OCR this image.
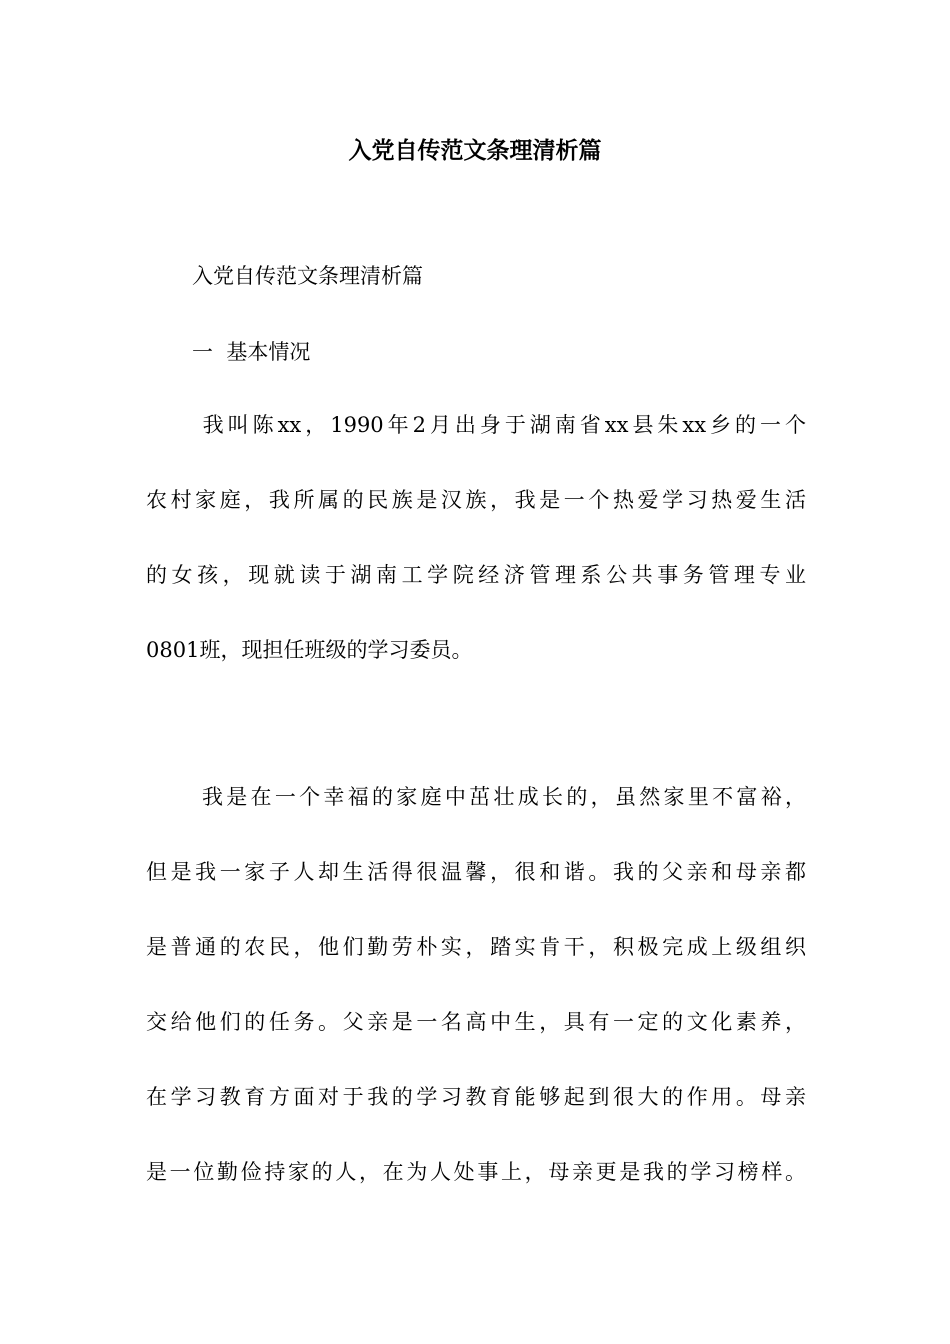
入党自传范文条理清析篇

入党自传范文条理清析篇

一  基本情况

我叫陈xx，1990年2月出身于湖南省xx县朱xx乡的一个

农村家庭，我所属的民族是汉族，我是一个热爱学习热爱生活

的女孩，现就读于湖南工学院经济管理系公共事务管理专业

0801班，现担任班级的学习委员。

我是在一个幸福的家庭中茁壮成长的，虽然家里不富裕，

但是我一家子人却生活得很温馨，很和谐。我的父亲和母亲都

是普通的农民，他们勤劳朴实，踏实肯干，积极完成上级组织

交给他们的任务。父亲是一名高中生，具有一定的文化素养，

在学习教育方面对于我的学习教育能够起到很大的作用。母亲

是一位勤俭持家的人，在为人处事上，母亲更是我的学习榜样。
